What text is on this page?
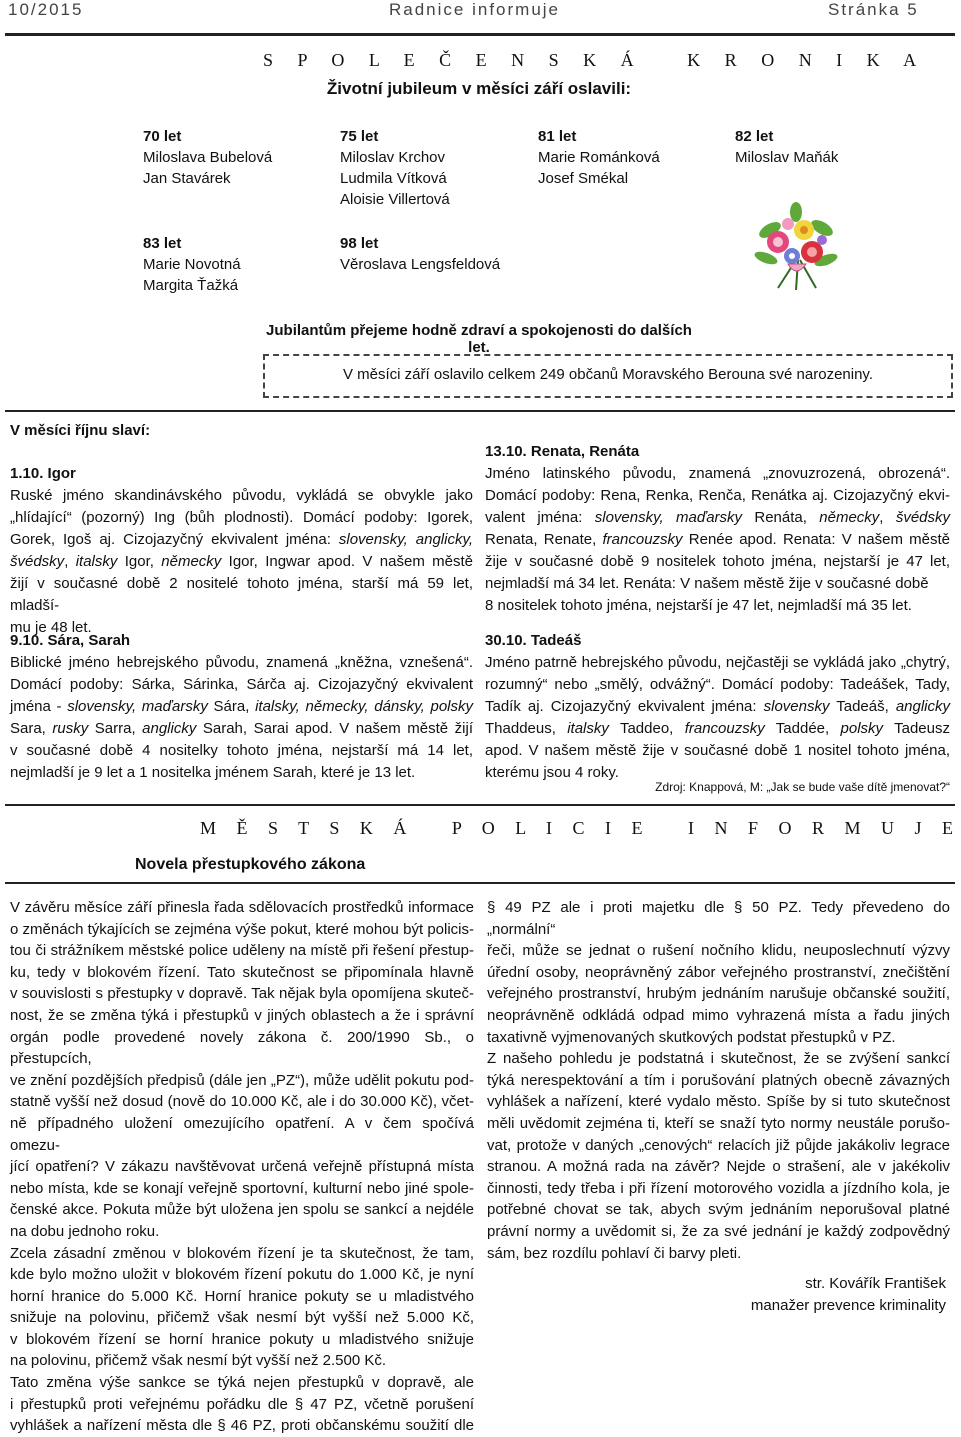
10/2015	Radnice informuje	Stránka 5
S P O L E Č E N S K Á   K R O N I K A
Životní jubileum v měsíci září oslavili:
70 let
Miloslava Bubelová
Jan Stavárek
75 let
Miloslav Krchov
Ludmila Vítková
Aloisie Villertová
81 let
Marie Románková
Josef Smékal
82 let
Miloslav Maňák
83 let
Marie Novotná
Margita Ťažká
98 let
Věroslava Lengsfeldová
Jubilantům přejeme hodně zdraví a spokojenosti do dalších let.
V měsíci září oslavilo celkem 249 občanů Moravského Berouna své narozeniny.
V měsíci říjnu slaví:
1.10. Igor
Ruské jméno skandinávského původu, vykládá se obvykle jako
„hlídající“ (pozorný) Ing (bůh plodnosti). Domácí podoby: Igorek,
Gorek, Igoš aj. Cizojazyčný ekvivalent jména: slovensky, anglicky,
švédsky, italsky Igor, německy Igor, Ingwar apod. V našem městě
žijí v současné době 2 nositelé tohoto jména, starší má 59 let, mladší-
mu je 48 let.
9.10. Sára, Sarah
Biblické jméno hebrejského původu, znamená „kněžna, vznešená“.
Domácí podoby: Sárka, Sárinka, Sárča aj. Cizojazyčný ekvivalent
jména - slovensky, maďarsky Sára, italsky, německy, dánsky, polsky
Sara, rusky Sarra, anglicky Sarah, Sarai apod. V našem městě žijí
v současné době 4 nositelky tohoto jména, nejstarší má 14 let,
nejmladší je 9 let a 1 nositelka jménem Sarah, které je 13 let.
13.10. Renata, Renáta
Jméno latinského původu, znamená „znovuzrozená, obrozená“.
Domácí podoby: Rena, Renka, Renča, Renátka aj. Cizojazyčný ekvi-
valent jména: slovensky, maďarsky Renáta, německy, švédsky
Renata, Renate, francouzsky Renée apod. Renata: V našem městě
žije v současné době 9 nositelek tohoto jména, nejstarší je 47 let,
nejmladší má 34 let. Renáta: V našem městě žije v současné době
8 nositelek tohoto jména, nejstarší je 47 let, nejmladší má 35 let.
30.10. Tadeáš
Jméno patrně hebrejského původu, nejčastěji se vykládá jako „chytrý,
rozumný“ nebo „smělý, odvážný“. Domácí podoby: Tadeášek, Tady,
Tadík aj. Cizojazyčný ekvivalent jména: slovensky Tadeáš, anglicky
Thaddeus, italsky Taddeo, francouzsky Taddée, polsky Tadeusz
apod. V našem městě žije v současné době 1 nositel tohoto jména,
kterému jsou 4 roky.
Zdroj: Knappová, M: „Jak se bude vaše dítě jmenovat?“
M Ě S T S K Á   P O L I C I E   I N F O R M U J E
Novela přestupkového zákona
V závěru měsíce září přinesla řada sdělovacích prostředků informace
o změnách týkajících se zejména výše pokut, které mohou být policis-
tou či strážníkem městské police uděleny na místě při řešení přestup-
ku, tedy v blokovém řízení. Tato skutečnost se připomínala hlavně
v souvislosti s přestupky v dopravě. Tak nějak byla opomíjena skuteč-
nost, že se změna týká i přestupků v jiných oblastech a že i správní
orgán podle provedené novely zákona č. 200/1990 Sb., o přestupcích,
ve znění pozdějších předpisů (dále jen „PZ“), může udělit pokutu pod-
statně vyšší než dosud (nově do 10.000 Kč, ale i do 30.000 Kč), včet-
ně případného uložení omezujícího opatření. A v čem spočívá omezu-
jící opatření? V zákazu navštěvovat určená veřejně přístupná místa
nebo místa, kde se konají veřejně sportovní, kulturní nebo jiné spole-
čenské akce. Pokuta může být uložena jen spolu se sankcí a nejdéle
na dobu jednoho roku.
Zcela zásadní změnou v blokovém řízení je ta skutečnost, že tam,
kde bylo možno uložit v blokovém řízení pokutu do 1.000 Kč, je nyní
horní hranice do 5.000 Kč. Horní hranice pokuty se u mladistvého
snižuje na polovinu, přičemž však nesmí být vyšší než 5.000 Kč,
v blokovém řízení se horní hranice pokuty u mladistvého snižuje
na polovinu, přičemž však nesmí být vyšší než 2.500 Kč.
Tato změna výše sankce se týká nejen přestupků v dopravě, ale
i přestupků proti veřejnému pořádku dle § 47 PZ, včetně porušení
vyhlášek a nařízení města dle § 46 PZ, proti občanskému soužití dle
§ 49 PZ ale i proti majetku dle § 50 PZ. Tedy převedeno do „normální“
řeči, může se jednat o rušení nočního klidu, neuposlechnutí výzvy
úřední osoby, neoprávněný zábor veřejného prostranství, znečištění
veřejného prostranství, hrubým jednáním narušuje občanské soužití,
neoprávněně odkládá odpad mimo vyhrazená místa a řadu jiných
taxativně vyjmenovaných skutkových podstat přestupků v PZ.
Z našeho pohledu je podstatná i skutečnost, že se zvýšení sankcí
týká nerespektování a tím i porušování platných obecně závazných
vyhlášek a nařízení, které vydalo město. Spíše by si tuto skutečnost
měli uvědomit zejména ti, kteří se snaží tyto normy neustále porušo-
vat, protože v daných „cenových“ relacích již půjde jakákoliv legrace
stranou. A možná rada na závěr? Nejde o strašení, ale v jakékoliv
činnosti, tedy třeba i při řízení motorového vozidla a jízdního kola, je
potřebné chovat se tak, abych svým jednáním neporušoval platné
právní normy a uvědomit si, že za své jednání je každý zodpovědný
sám, bez rozdílu pohlaví či barvy pleti.
str. Kovářík František
manažer prevence kriminality
